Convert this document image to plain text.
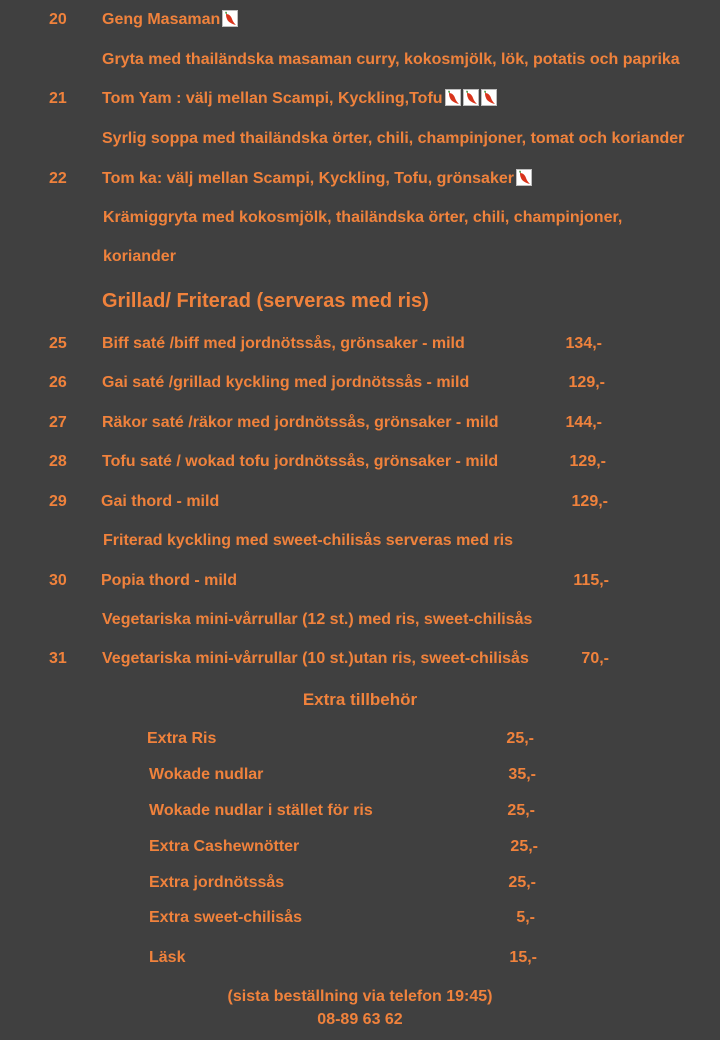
20 Geng Masaman
Gryta med thailändska masaman curry, kokosmjölk, lök, potatis och paprika
21 Tom Yam : välj mellan Scampi, Kyckling,Tofu
Syrlig soppa med thailändska örter, chili, champinjoner, tomat och koriander
22 Tom ka: välj mellan Scampi, Kyckling, Tofu, grönsaker
Krämiggryta med kokosmjölk, thailändska örter, chili, champinjoner,
koriander
Grillad/ Friterad (serveras med ris)
25 Biff saté /biff med jordnötssås, grönsaker - mild	134,-
26 Gai saté /grillad kyckling med jordnötssås - mild	129,-
27 Räkor saté /räkor med jordnötssås, grönsaker - mild	144,-
28 Tofu saté / wokad tofu jordnötssås, grönsaker - mild	129,-
29 Gai thord - mild	129,-
Friterad kyckling med sweet-chilisås serveras med ris
30 Popia thord - mild	115,-
Vegetariska mini-vårrullar (12 st.) med ris, sweet-chilisås
31 Vegetariska mini-vårrullar (10 st.)utan ris, sweet-chilisås	70,-
Extra tillbehör
Extra Ris	25,-
Wokade nudlar	35,-
Wokade nudlar i stället för ris	25,-
Extra Cashewnötter	25,-
Extra jordnötssås	25,-
Extra sweet-chilisås	5,-
Läsk	15,-
(sista beställning via telefon 19:45)
08-89 63 62
